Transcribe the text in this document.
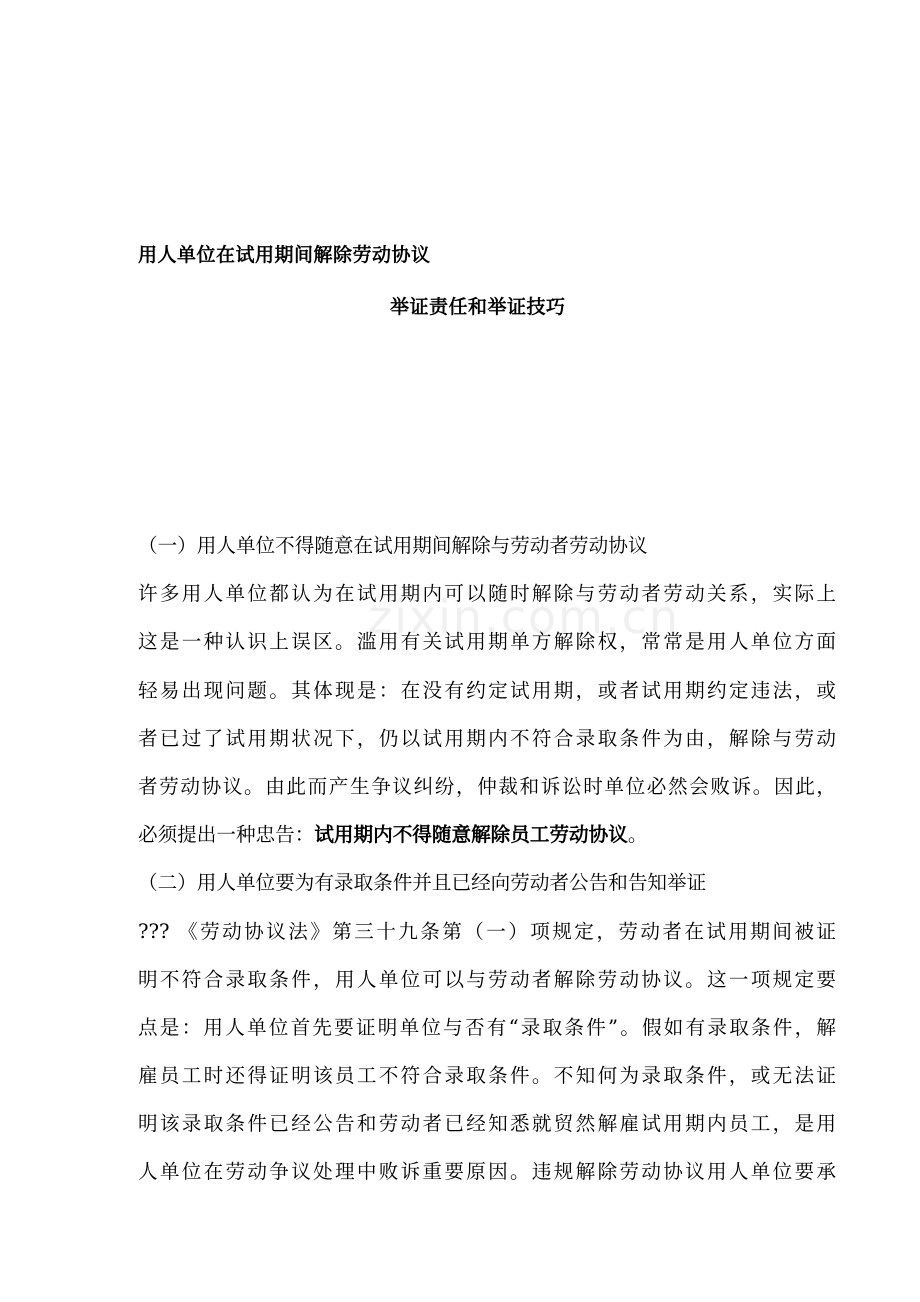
zixin.com.cn
用人单位在试用期间解除劳动协议
举证责任和举证技巧
（一）用人单位不得随意在试用期间解除与劳动者劳动协议
许多用人单位都认为在试用期内可以随时解除与劳动者劳动关系，实际上
这是一种认识上误区。滥用有关试用期单方解除权，常常是用人单位方面
轻易出现问题。其体现是：在没有约定试用期，或者试用期约定违法，或
者已过了试用期状况下，仍以试用期内不符合录取条件为由，解除与劳动
者劳动协议。由此而产生争议纠纷，仲裁和诉讼时单位必然会败诉。因此，
必须提出一种忠告：试用期内不得随意解除员工劳动协议。
（二）用人单位要为有录取条件并且已经向劳动者公告和告知举证
??? 《劳动协议法》第三十九条第（一）项规定，劳动者在试用期间被证
明不符合录取条件，用人单位可以与劳动者解除劳动协议。这一项规定要
点是：用人单位首先要证明单位与否有“录取条件”。假如有录取条件，解
雇员工时还得证明该员工不符合录取条件。不知何为录取条件，或无法证
明该录取条件已经公告和劳动者已经知悉就贸然解雇试用期内员工，是用
人单位在劳动争议处理中败诉重要原因。违规解除劳动协议用人单位要承
